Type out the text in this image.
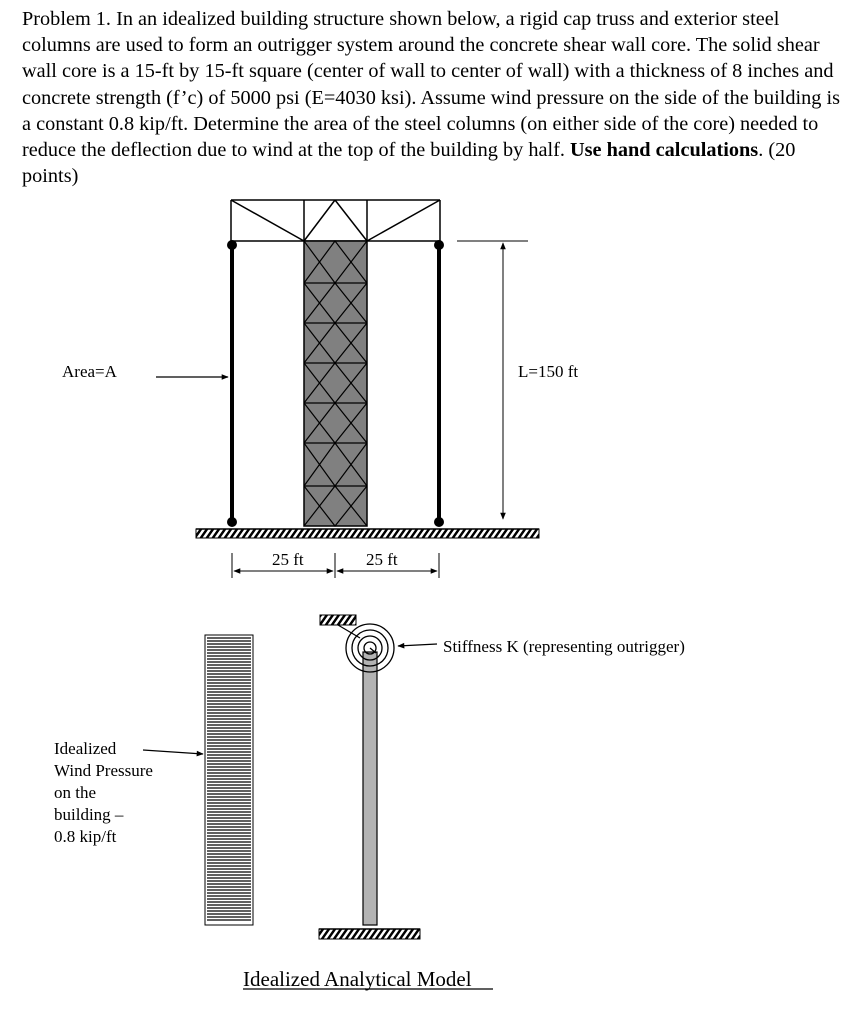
Problem 1. In an idealized building structure shown below, a rigid cap truss and exterior steel columns are used to form an outrigger system around the concrete shear wall core. The solid shear wall core is a 15-ft by 15-ft square (center of wall to center of wall) with a thickness of 8 inches and concrete strength (f’c) of 5000 psi (E=4030 ksi). Assume wind pressure on the side of the building is a constant 0.8 kip/ft. Determine the area of the steel columns (on either side of the core) needed to reduce the deflection due to wind at the top of the building by half. Use hand calculations. (20 points)

Area=A	L=150 ft
25 ft	25 ft
Idealized
Wind Pressure
on the
building –
0.8 kip/ft
Stiffness K (representing outrigger)
Idealized Analytical Model
